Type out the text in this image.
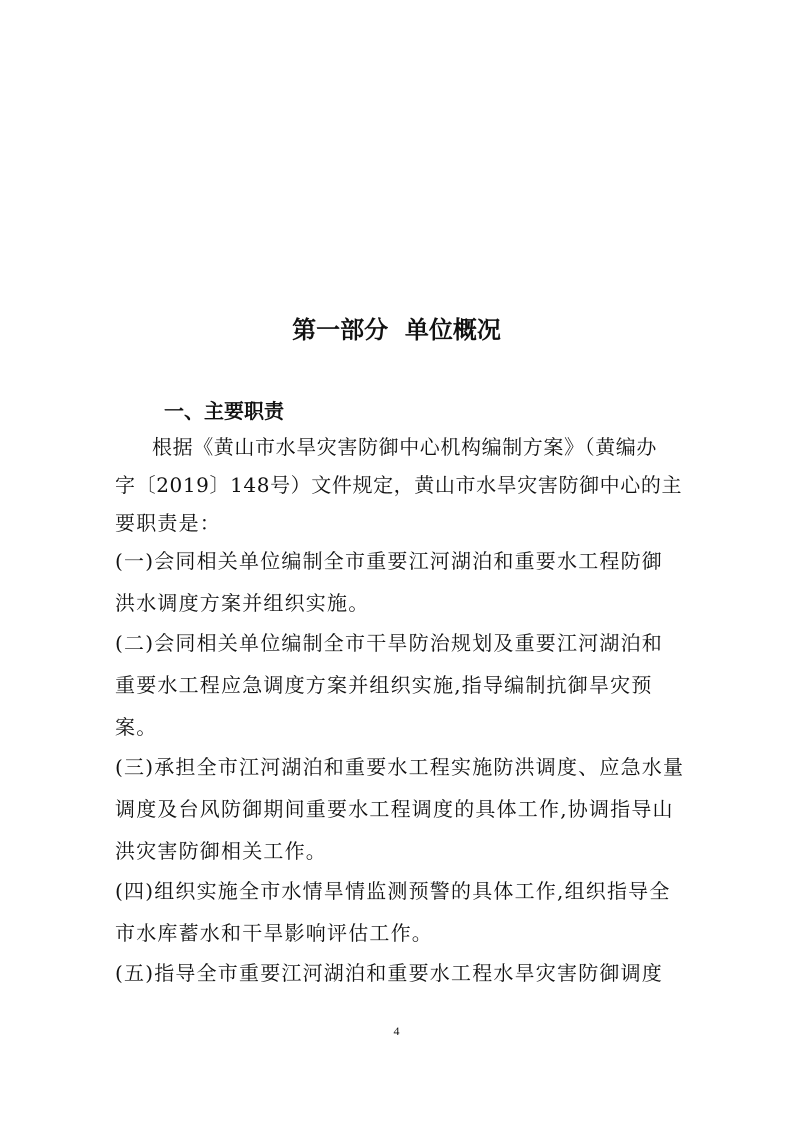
第一部分  单位概况
一、主要职责
根据《黄山市水旱灾害防御中心机构编制方案》（黄编办
字〔2019〕148号）文件规定，黄山市水旱灾害防御中心的主
要职责是：
(一)会同相关单位编制全市重要江河湖泊和重要水工程防御
洪水调度方案并组织实施。
(二)会同相关单位编制全市干旱防治规划及重要江河湖泊和
重要水工程应急调度方案并组织实施,指导编制抗御旱灾预
案。
(三)承担全市江河湖泊和重要水工程实施防洪调度、应急水量
调度及台风防御期间重要水工程调度的具体工作,协调指导山
洪灾害防御相关工作。
(四)组织实施全市水情旱情监测预警的具体工作,组织指导全
市水库蓄水和干旱影响评估工作。
(五)指导全市重要江河湖泊和重要水工程水旱灾害防御调度
4
